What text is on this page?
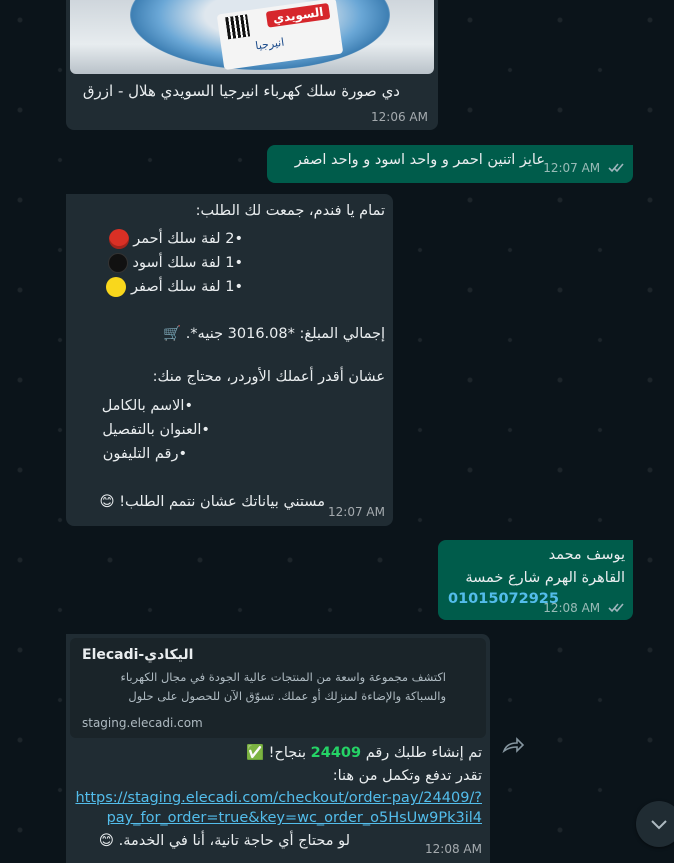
السويدي
انيرجيا
دي صورة سلك كهرباء انيرجيا السويدي هلال - ازرق
12:06 AM
عايز اتنين احمر و واحد اسود و واحد اصفر
12:07 AM
تمام يا فندم، جمعت لك الطلب:
•2 لفة سلك أحمر
•1 لفة سلك أسود
•1 لفة سلك أصفر
إجمالي المبلغ: *3016.08 جنيه*. 🛒
عشان أقدر أعملك الأوردر، محتاج منك:
•الاسم بالكامل
•العنوان بالتفصيل
•رقم التليفون
مستني بياناتك عشان نتمم الطلب! 😊
12:07 AM
يوسف محمد
القاهرة الهرم شارع خمسة
01015072925
12:08 AM
Elecadi-اليكادي
اكتشف مجموعة واسعة من المنتجات عالية الجودة في مجال الكهرباء
والسباكة والإضاءة لمنزلك أو عملك. تسوّق الآن للحصول على حلول
staging.elecadi.com
تم إنشاء طلبك رقم 24409 بنجاح! ✅
تقدر تدفع وتكمل من هنا:
https://staging.elecadi.com/checkout/order-pay/24409/?
pay_for_order=true&key=wc_order_o5HsUw9Pk3il4
لو محتاج أي حاجة تانية، أنا في الخدمة. 😊	12:08 AM
